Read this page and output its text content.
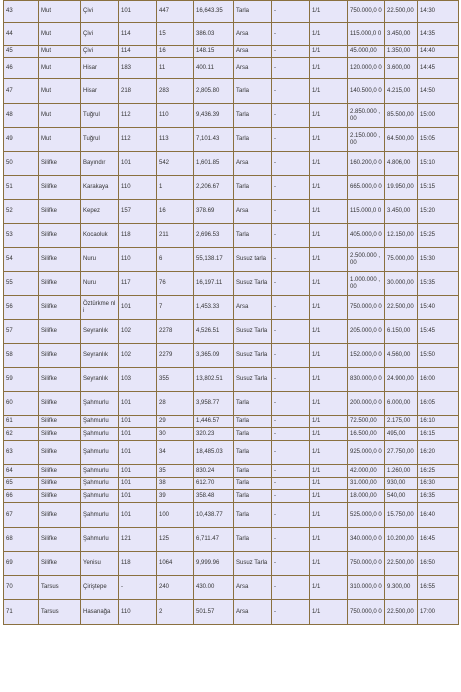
43	Mut	Çivi	101	447	16,643.35	Tarla	-	1/1	750.000,0 0	22.500,00	14:30
44	Mut	Çivi	114	15	386.03	Arsa	-	1/1	115.000,0 0	3.450,00	14:35
45	Mut	Çivi	114	16	148.15	Arsa	-	1/1	45.000,00	1.350,00	14:40
46	Mut	Hisar	183	11	400.11	Arsa	-	1/1	120.000,0 0	3.600,00	14:45
47	Mut	Hisar	218	283	2,805.80	Tarla	-	1/1	140.500,0 0	4.215,00	14:50
48	Mut	Tuğrul	112	110	9,436.39	Tarla	-	1/1	2.850.000 ,00	85.500,00	15:00
49	Mut	Tuğrul	112	113	7,101.43	Tarla	-	1/1	2.150.000 ,00	64.500,00	15:05
50	Silifke	Bayındır	101	542	1,601.85	Arsa	-	1/1	160.200,0 0	4.806,00	15:10
51	Silifke	Karakaya	110	1	2,206.67	Tarla	-	1/1	665.000,0 0	19.950,00	15:15
52	Silifke	Kepez	157	16	378.69	Arsa	-	1/1	115.000,0 0	3.450,00	15:20
53	Silifke	Kocaoluk	118	211	2,696.53	Tarla	-	1/1	405.000,0 0	12.150,00	15:25
54	Silifke	Nuru	110	6	55,138.17	Susuz tarla	-	1/1	2.500.000 ,00	75.000,00	15:30
55	Silifke	Nuru	117	76	16,197.11	Susuz Tarla	-	1/1	1.000.000 ,00	30.000,00	15:35
56	Silifke	Öztürkme nli	101	7	1,453.33	Arsa	-	1/1	750.000,0 0	22.500,00	15:40
57	Silifke	Seyranlık	102	2278	4,526.51	Susuz Tarla	-	1/1	205.000,0 0	6.150,00	15:45
58	Silifke	Seyranlık	102	2279	3,365.09	Susuz Tarla	-	1/1	152.000,0 0	4.560,00	15:50
59	Silifke	Seyranlık	103	355	13,802.51	Susuz Tarla	-	1/1	830.000,0 0	24.900,00	16:00
60	Silifke	Şahmurlu	101	28	3,958.77	Tarla	-	1/1	200.000,0 0	6.000,00	16:05
61	Silifke	Şahmurlu	101	29	1,446.57	Tarla	-	1/1	72.500,00	2.175,00	16:10
62	Silifke	Şahmurlu	101	30	320.23	Tarla	-	1/1	16.500,00	495,00	16:15
63	Silifke	Şahmurlu	101	34	18,485.03	Tarla	-	1/1	925.000,0 0	27.750,00	16:20
64	Silifke	Şahmurlu	101	35	830.24	Tarla	-	1/1	42.000,00	1.260,00	16:25
65	Silifke	Şahmurlu	101	38	612.70	Tarla	-	1/1	31.000,00	930,00	16:30
66	Silifke	Şahmurlu	101	39	358.48	Tarla	-	1/1	18.000,00	540,00	16:35
67	Silifke	Şahmurlu	101	100	10,438.77	Tarla	-	1/1	525.000,0 0	15.750,00	16:40
68	Silifke	Şahmurlu	121	125	6,711.47	Tarla	-	1/1	340.000,0 0	10.200,00	16:45
69	Silifke	Yenisu	118	1064	9,999.96	Susuz Tarla	-	1/1	750.000,0 0	22.500,00	16:50
70	Tarsus	Çiriştepe	-	240	430.00	Arsa	-	1/1	310.000,0 0	9.300,00	16:55
71	Tarsus	Hasanağa	110	2	501.57	Arsa	-	1/1	750.000,0 0	22.500,00	17:00
